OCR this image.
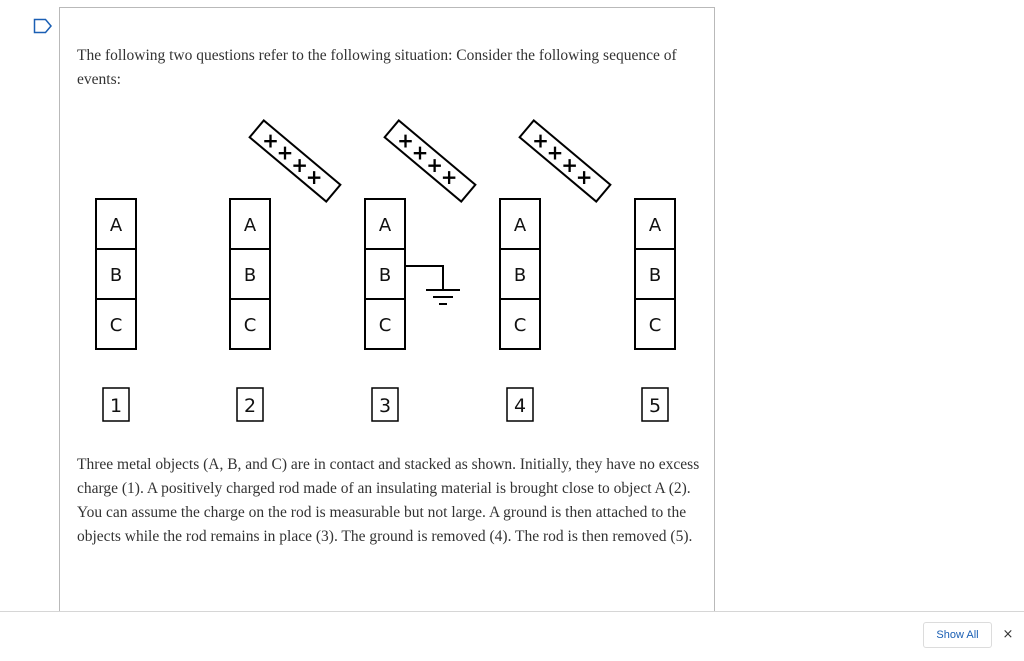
The following two questions refer to the following situation: Consider the following sequence of events:

A
B
C
1
A
B
C
2
+
+
+
+
A
B
C
3
+
+
+
+
A
B
C
4
+
+
+
+
A
B
C
5

Three metal objects (A, B, and C) are in contact and stacked as shown. Initially, they have no excess charge (1). A positively charged rod made of an insulating material is brought close to object A (2). You can assume the charge on the rod is measurable but not large. A ground is then attached to the objects while the rod remains in place (3). The ground is removed (4). The rod is then removed (5).

Show All	×
